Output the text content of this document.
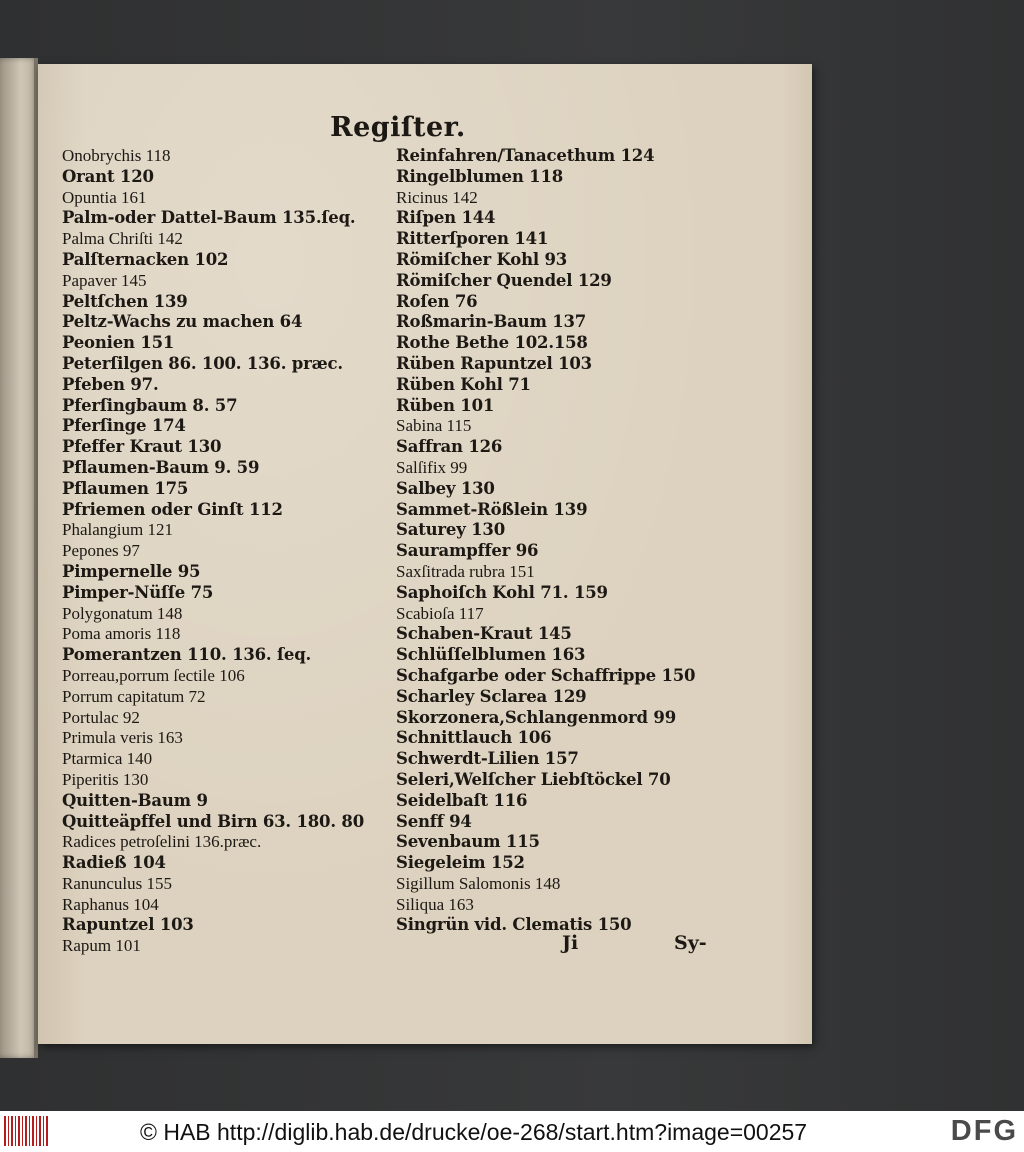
Regiſter.
Onobrychis 118
Orant 120
Opuntia 161
Palm-oder Dattel-Baum 135.ſeq.
Palma Chriſti 142
Palſternacken 102
Papaver 145
Peltſchen 139
Peltz-Wachs zu machen 64
Peonien 151
Peterſilgen 86. 100. 136. præc.
Pfeben 97.
Pferſingbaum 8. 57
Pferſinge 174
Pfeffer Kraut 130
Pflaumen-Baum 9. 59
Pflaumen 175
Pfriemen oder Ginſt 112
Phalangium 121
Pepones 97
Pimpernelle 95
Pimper-Nüſſe 75
Polygonatum 148
Poma amoris 118
Pomerantzen 110. 136. ſeq.
Porreau,porrum ſectile 106
Porrum capitatum 72
Portulac 92
Primula veris 163
Ptarmica 140
Piperitis 130
Quitten-Baum 9
Quitteäpffel und Birn 63. 180. 80
Radices petroſelini 136.præc.
Radieß 104
Ranunculus 155
Raphanus 104
Rapuntzel 103
Rapum 101
Reinfahren/Tanacethum 124
Ringelblumen 118
Ricinus 142
Riſpen 144
Ritterſporen 141
Römiſcher Kohl 93
Römiſcher Quendel 129
Roſen 76
Roßmarin-Baum 137
Rothe Bethe 102.158
Rüben Rapuntzel 103
Rüben Kohl 71
Rüben 101
Sabina 115
Saffran 126
Salſifix 99
Salbey 130
Sammet-Rößlein 139
Saturey 130
Saurampffer 96
Saxſitrada rubra 151
Saphoiſch Kohl 71. 159
Scabioſa 117
Schaben-Kraut 145
Schlüſſelblumen 163
Schafgarbe oder Schaffrippe 150
Scharley Sclarea 129
Skorzonera,Schlangenmord 99
Schnittlauch 106
Schwerdt-Lilien 157
Seleri,Welſcher Liebſtöckel 70
Seidelbaſt 116
Senff 94
Sevenbaum 115
Siegeleim 152
Sigillum Salomonis 148
Siliqua 163
Singrün vid. Clematis 150
Ji	Sy-
© HAB http://diglib.hab.de/drucke/oe-268/start.htm?image=00257	DFG
